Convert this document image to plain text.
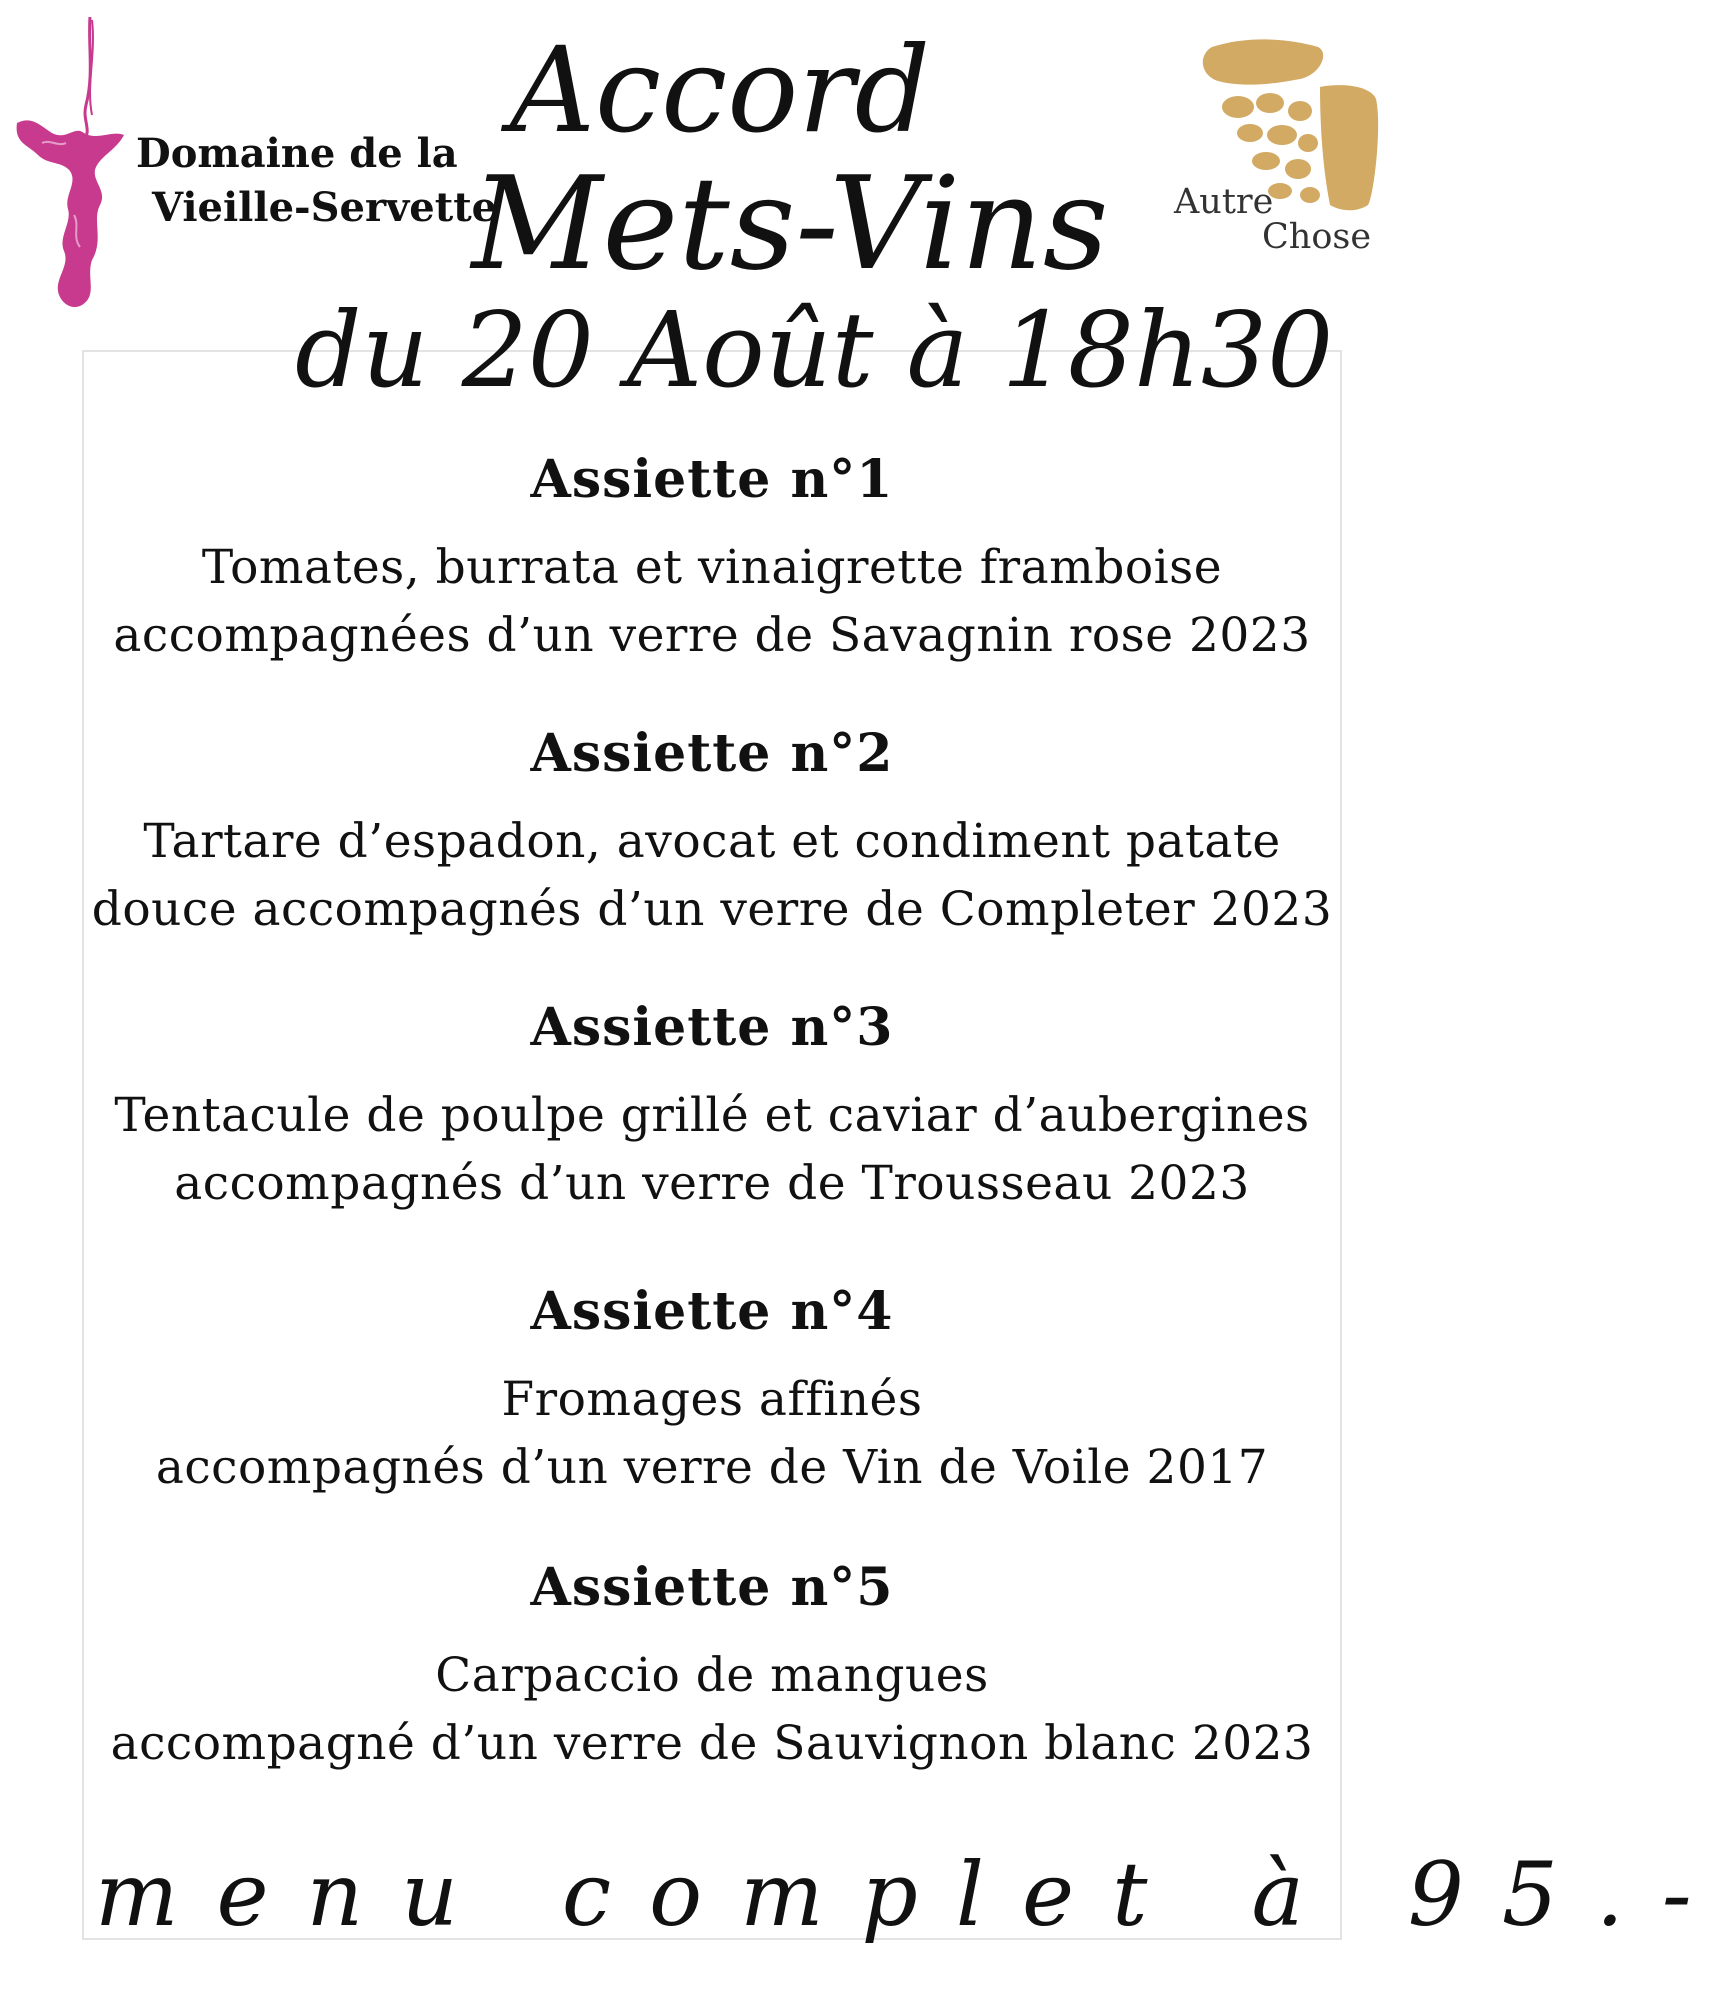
Domaine de la
Vieille-Servette	Autre
Chose
Accord
Mets-Vins
du 20 Août à 18h30

Assiette n°1

Tomates, burrata et vinaigrette framboise

accompagnées d’un verre de Savagnin rose 2023

Assiette n°2

Tartare d’espadon, avocat et condiment patate

douce accompagnés d’un verre de Completer 2023

Assiette n°3

Tentacule de poulpe grillé et caviar d’aubergines

accompagnés d’un verre de Trousseau 2023

Assiette n°4

Fromages affinés

accompagnés d’un verre de Vin de Voile 2017

Assiette n°5

Carpaccio de mangues

accompagné d’un verre de Sauvignon blanc 2023

menu complet à 95.-
